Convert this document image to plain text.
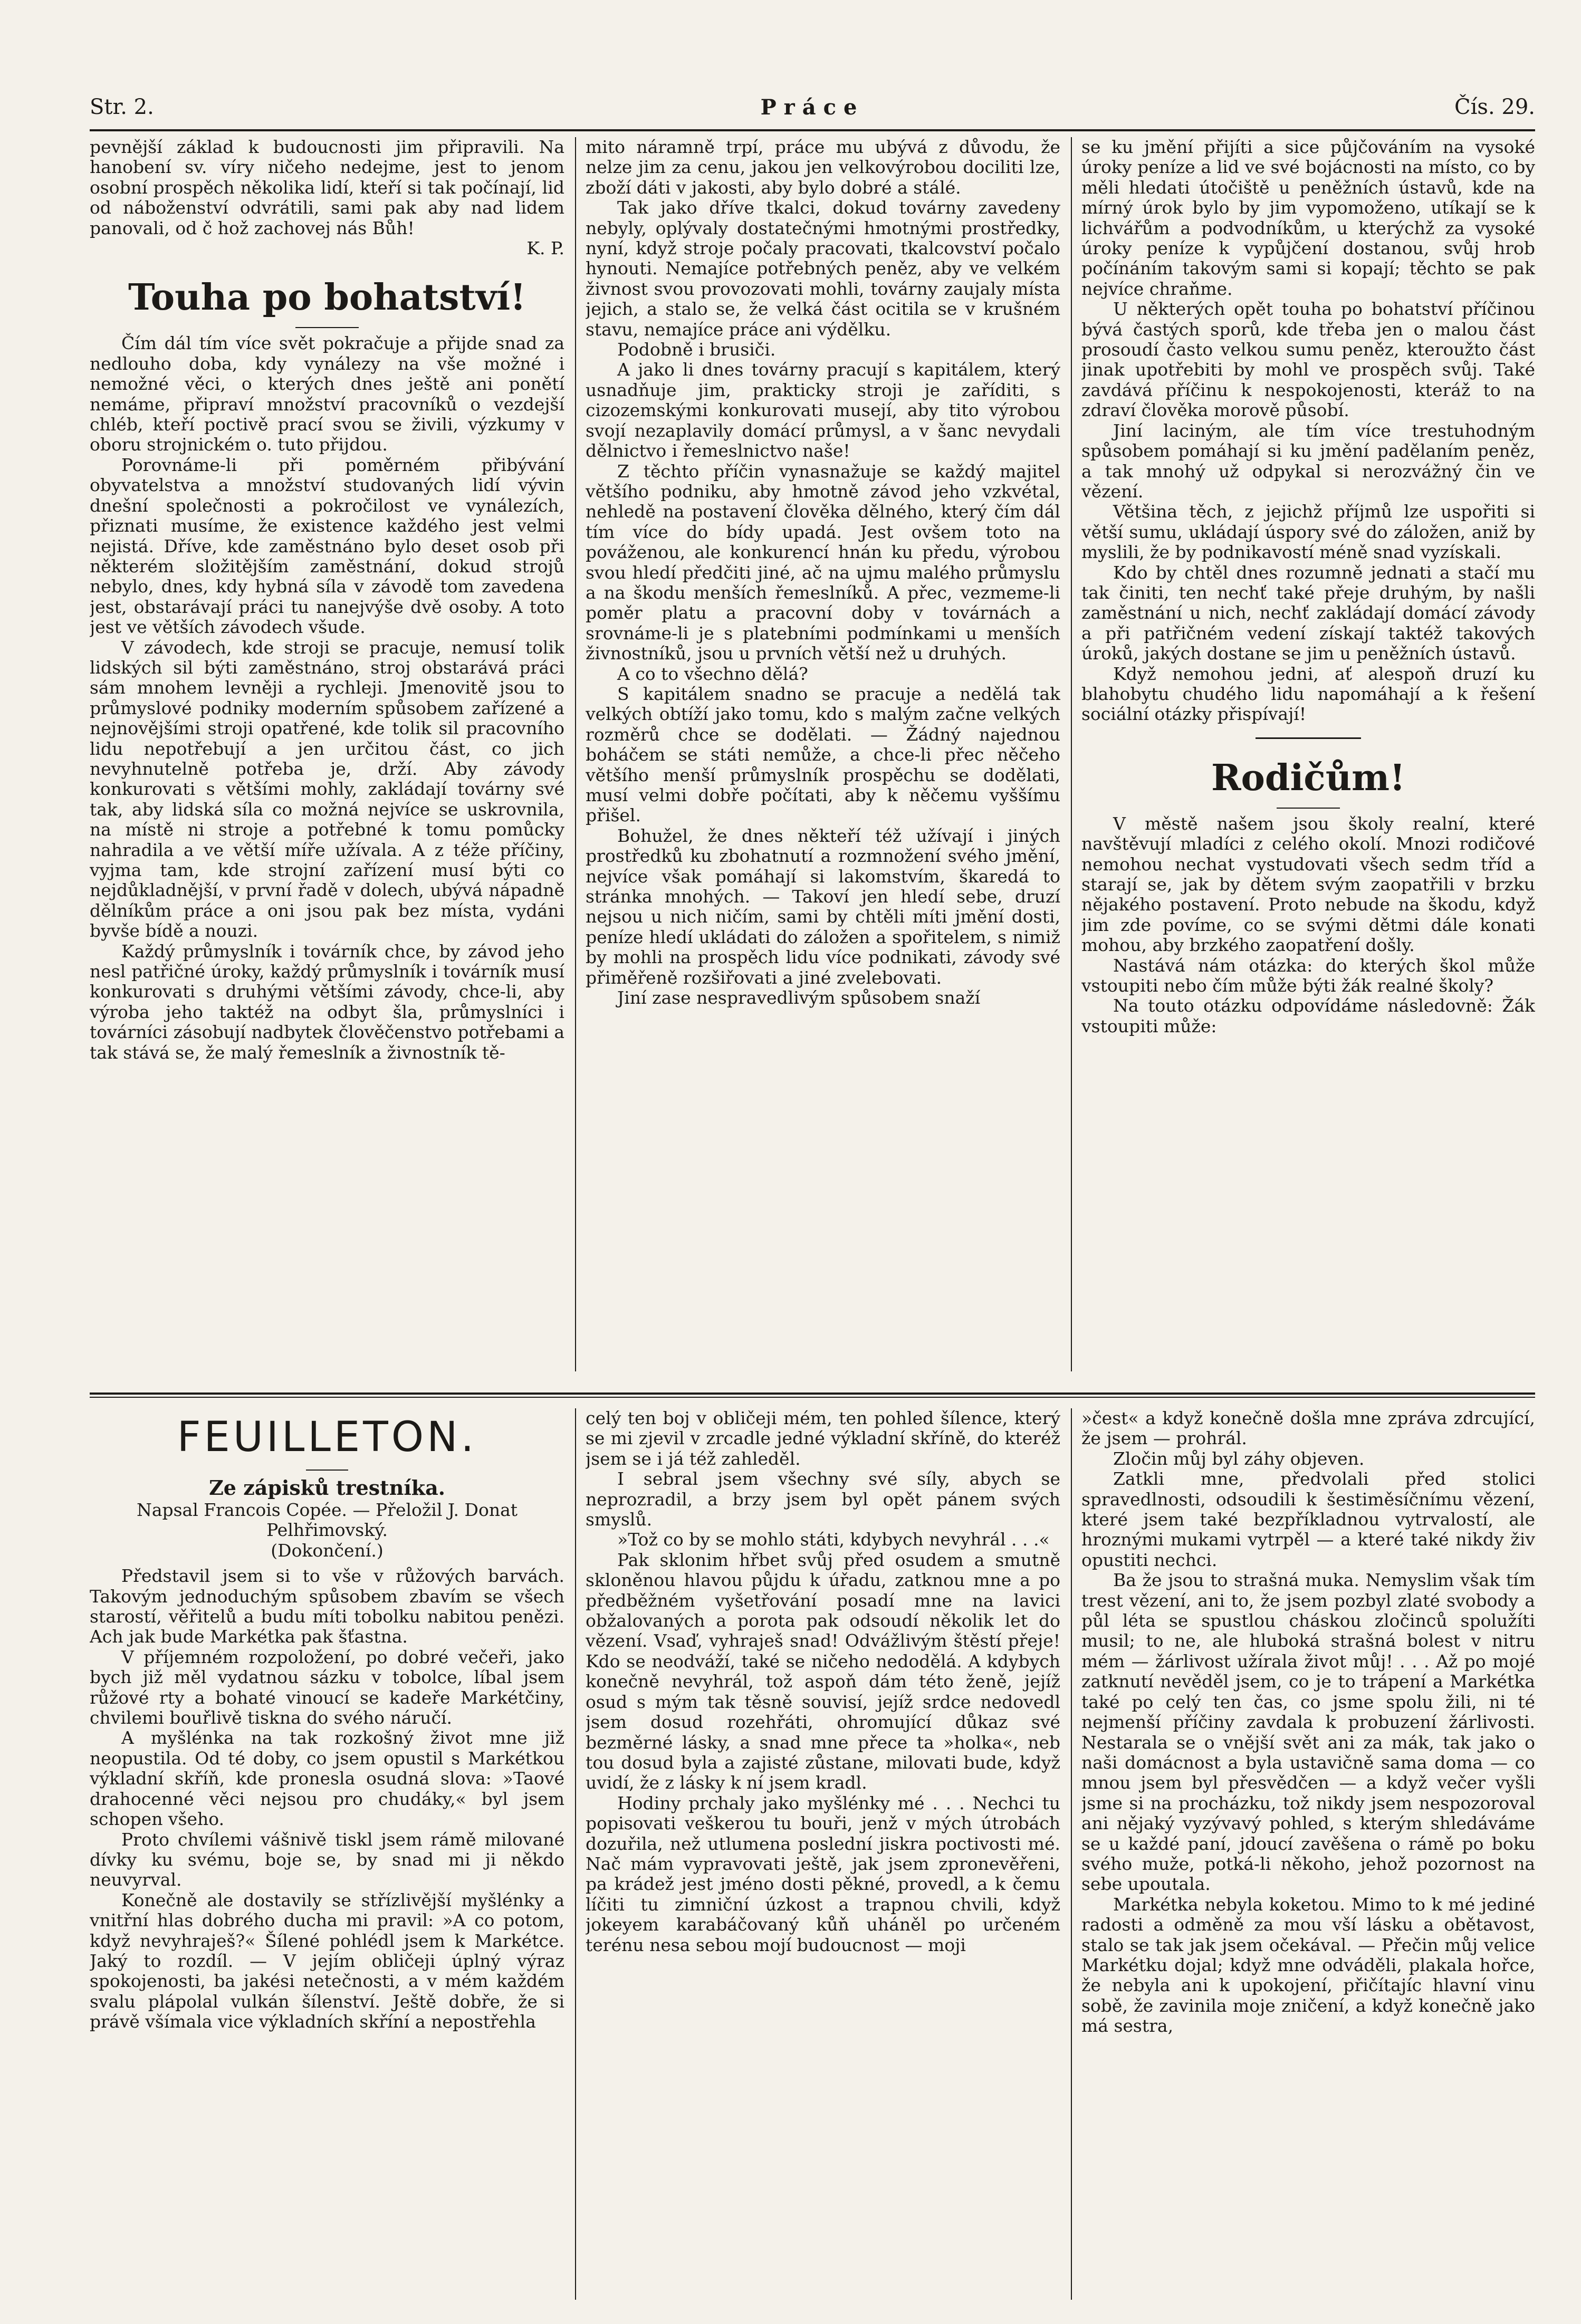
Str. 2.	Práce	Čís. 29.

pevnější základ k budoucnosti jim připravili. Na hanobení sv. víry ničeho nedejme, jest to jenom osobní prospěch několika lidí, kteří si tak počínají, lid od náboženství odvrátili, sami pak aby nad lidem panovali, od č hož zachovej nás Bůh!

K. P.

Touha po bohatství!

Čím dál tím více svět pokračuje a přijde snad za nedlouho doba, kdy vynálezy na vše možné i nemožné věci, o kterých dnes ještě ani ponětí nemáme, připraví množství pracovníků o vezdejší chléb, kteří poctivě prací svou se živili, výzkumy v oboru strojnickém o. tuto přijdou.

Porovnáme-li při poměrném přibývání obyvatelstva a množství studovaných lidí vývin dnešní společnosti a pokročilost ve vynálezích, přiznati musíme, že existence každého jest velmi nejistá. Dříve, kde zaměstnáno bylo deset osob při některém složitějším zaměstnání, dokud strojů nebylo, dnes, kdy hybná síla v závodě tom zavedena jest, obstarávají práci tu nanejvýše dvě osoby. A toto jest ve větších závodech všude.

V závodech, kde stroji se pracuje, nemusí tolik lidských sil býti zaměstnáno, stroj obstarává práci sám mnohem levněji a rychleji. Jmenovitě jsou to průmyslové podniky moderním spůsobem zařízené a nejnovějšími stroji opatřené, kde tolik sil pracovního lidu nepotřebují a jen určitou část, co jich nevyhnutelně potřeba je, drží. Aby závody konkurovati s většími mohly, zakládají továrny své tak, aby lidská síla co možná nejvíce se uskrovnila, na místě ni stroje a potřebné k tomu pomůcky nahradila a ve větší míře užívala. A z téže příčiny, vyjma tam, kde strojní zařízení musí býti co nejdůkladnější, v první řadě v dolech, ubývá nápadně dělníkům práce a oni jsou pak bez místa, vydáni byvše bídě a nouzi.

Každý průmyslník i továrník chce, by závod jeho nesl patřičné úroky, každý průmyslník i továrník musí konkurovati s druhými většími závody, chce-li, aby výroba jeho taktéž na odbyt šla, průmyslníci i továrníci zásobují nadbytek člověčenstvo potřebami a tak stává se, že malý řemeslník a živnostník tě-

mito náramně trpí, práce mu ubývá z důvodu, že nelze jim za cenu, jakou jen velkovýrobou dociliti lze, zboží dáti v jakosti, aby bylo dobré a stálé.

Tak jako dříve tkalci, dokud továrny zavedeny nebyly, oplývaly dostatečnými hmotnými prostředky, nyní, když stroje počaly pracovati, tkalcovství počalo hynouti. Nemajíce potřebných peněz, aby ve velkém živnost svou provozovati mohli, továrny zaujaly místa jejich, a stalo se, že velká část ocitila se v krušném stavu, nemajíce práce ani výdělku.

Podobně i brusiči.

A jako li dnes továrny pracují s kapitálem, který usnadňuje jim, prakticky stroji je zaříditi, s cizozemskými konkurovati musejí, aby tito výrobou svojí nezaplavily domácí průmysl, a v šanc nevydali dělnictvo i řemeslnictvo naše!

Z těchto příčin vynasnažuje se každý majitel většího podniku, aby hmotně závod jeho vzkvétal, nehledě na postavení člověka dělného, který čím dál tím více do bídy upadá. Jest ovšem toto na pováženou, ale konkurencí hnán ku předu, výrobou svou hledí předčiti jiné, ač na ujmu malého průmyslu a na škodu menších řemeslníků. A přec, vezmeme-li poměr platu a pracovní doby v továrnách a srovnáme-li je s platebními podmínkami u menších živnostníků, jsou u prvních větší než u druhých.

A co to všechno dělá?

S kapitálem snadno se pracuje a nedělá tak velkých obtíží jako tomu, kdo s malým začne velkých rozměrů chce se dodělati. — Žádný najednou boháčem se státi nemůže, a chce-li přec něčeho většího menší průmyslník prospěchu se dodělati, musí velmi dobře počítati, aby k něčemu vyššímu přišel.

Bohužel, že dnes někteří též užívají i jiných prostředků ku zbohatnutí a rozmnožení svého jmění, nejvíce však pomáhají si lakomstvím, škaredá to stránka mnohých. — Takoví jen hledí sebe, druzí nejsou u nich ničím, sami by chtěli míti jmění dosti, peníze hledí ukládati do záložen a spořitelem, s nimiž by mohli na prospěch lidu více podnikati, závody své přiměřeně rozšiřovati a jiné zvelebovati.

Jiní zase nespravedlivým spůsobem snaží

se ku jmění přijíti a sice půjčováním na vysoké úroky peníze a lid ve své bojácnosti na místo, co by měli hledati útočiště u peněžních ústavů, kde na mírný úrok bylo by jim vypomoženo, utíkají se k lichvářům a podvodníkům, u kterýchž za vysoké úroky peníze k vypůjčení dostanou, svůj hrob počínáním takovým sami si kopají; těchto se pak nejvíce chraňme.

U některých opět touha po bohatství příčinou bývá častých sporů, kde třeba jen o malou část prosoudí často velkou sumu peněz, kteroužto část jinak upotřebiti by mohl ve prospěch svůj. Také zavdává příčinu k nespokojenosti, kteráž to na zdraví člověka morově působí.

Jiní laciným, ale tím více trestuhodným spůsobem pomáhají si ku jmění padělaním peněz, a tak mnohý už odpykal si nerozvážný čin ve vězení.

Většina těch, z jejichž příjmů lze uspořiti si větší sumu, ukládají úspory své do záložen, aniž by myslili, že by podnikavostí méně snad vyzískali.

Kdo by chtěl dnes rozumně jednati a stačí mu tak činiti, ten nechť také přeje druhým, by našli zaměstnání u nich, nechť zakládají domácí závody a při patřičném vedení získají taktéž takových úroků, jakých dostane se jim u peněžních ústavů.

Když nemohou jedni, ať alespoň druzí ku blahobytu chudého lidu napomáhají a k řešení sociální otázky přispívají!

Rodičům!

V městě našem jsou školy realní, které navštěvují mladíci z celého okolí. Mnozi rodičové nemohou nechat vystudovati všech sedm tříd a starají se, jak by dětem svým zaopatřili v brzku nějakého postavení. Proto nebude na škodu, když jim zde povíme, co se svými dětmi dále konati mohou, aby brzkého zaopatření došly.

Nastává nám otázka: do kterých škol může vstoupiti nebo čím může býti žák realné školy?

Na touto otázku odpovídáme následovně: Žák vstoupiti může:

FEUILLETON.
Ze zápisků trestníka.

Napsal Francois Copée. — Přeložil J. Donat Pelhřimovský.

(Dokončení.)

Představil jsem si to vše v růžových barvách. Takovým jednoduchým spůsobem zbavím se všech starostí, věřitelů a budu míti tobolku nabitou penězi. Ach jak bude Markétka pak šťastna.

V příjemném rozpoložení, po dobré večeři, jako bych již měl vydatnou sázku v tobolce, líbal jsem růžové rty a bohaté vinoucí se kadeře Markétčiny, chvilemi bouřlivě tiskna do svého náručí.

A myšlénka na tak rozkošný život mne již neopustila. Od té doby, co jsem opustil s Markétkou výkladní skříň, kde pronesla osudná slova: »Taové drahocenné věci nejsou pro chudáky,« byl jsem schopen všeho.

Proto chvílemi vášnivě tiskl jsem rámě milované dívky ku svému, boje se, by snad mi ji někdo neuvyrval.

Konečně ale dostavily se střízlivější myšlénky a vnitřní hlas dobrého ducha mi pravil: »A co potom, když nevyhraješ?« Šílené pohlédl jsem k Markétce. Jaký to rozdíl. — V jejím obličeji úplný výraz spokojenosti, ba jakési netečnosti, a v mém každém svalu plápolal vulkán šílenství. Ještě dobře, že si právě všímala vice výkladních skříní a nepostřehla

celý ten boj v obličeji mém, ten pohled šílence, který se mi zjevil v zrcadle jedné výkladní skříně, do kteréž jsem se i já též zahleděl.

I sebral jsem všechny své síly, abych se neprozradil, a brzy jsem byl opět pánem svých smyslů.

»Tož co by se mohlo státi, kdybych nevyhrál . . .«

Pak sklonim hřbet svůj před osudem a smutně skloněnou hlavou půjdu k úřadu, zatknou mne a po předběžném vyšetřování posadí mne na lavici obžalovaných a porota pak odsoudí několik let do vězení. Vsaď, vyhraješ snad! Odvážlivým štěstí přeje! Kdo se neodváží, také se ničeho nedodělá. A kdybych konečně nevyhrál, tož aspoň dám této ženě, jejíž osud s mým tak těsně souvisí, jejíž srdce nedovedl jsem dosud rozehřáti, ohromující důkaz své bezměrné lásky, a snad mne přece ta »holka«, neb tou dosud byla a zajisté zůstane, milovati bude, když uvidí, že z lásky k ní jsem kradl.

Hodiny prchaly jako myšlénky mé . . . Nechci tu popisovati veškerou tu bouři, jenž v mých útrobách dozuřila, než utlumena poslední jiskra poctivosti mé. Nač mám vypravovati ještě, jak jsem zpronevěřeni, pa krádež jest jméno dosti pěkné, provedl, a k čemu líčiti tu zimniční úzkost a trapnou chvili, když jokeyem karabáčovaný kůň uháněl po určeném terénu nesa sebou mojí budoucnost — moji

»čest« a když konečně došla mne zpráva zdrcující, že jsem — prohrál.

Zločin můj byl záhy objeven.

Zatkli mne, předvolali před stolici spravedlnosti, odsoudili k šestiměsíčnímu vězení, které jsem také bezpříkladnou vytrvalostí, ale hroznými mukami vytrpěl — a které také nikdy živ opustiti nechci.

Ba že jsou to strašná muka. Nemyslim však tím trest vězení, ani to, že jsem pozbyl zlaté svobody a půl léta se spustlou cháskou zločinců spolužíti musil; to ne, ale hluboká strašná bolest v nitru mém — žárlivost užírala život můj! . . . Až po mojé zatknutí nevěděl jsem, co je to trápení a Markétka také po celý ten čas, co jsme spolu žili, ni té nejmenší příčiny zavdala k probuzení žárlivosti. Nestarala se o vnější svět ani za mák, tak jako o naši domácnost a byla ustavičně sama doma — co mnou jsem byl přesvědčen — a když večer vyšli jsme si na procházku, tož nikdy jsem nespozoroval ani nějaký vyzývavý pohled, s kterým shledáváme se u každé paní, jdoucí zavěšena o rámě po boku svého muže, potká-li někoho, jehož pozornost na sebe upoutala.

Markétka nebyla koketou. Mimo to k mé jediné radosti a odměně za mou vší lásku a obětavost, stalo se tak jak jsem očekával. — Přečin můj velice Markétku dojal; když mne odváděli, plakala hořce, že nebyla ani k upokojení, přičítajíc hlavní vinu sobě, že zavinila moje zničení, a když konečně jako má sestra,
